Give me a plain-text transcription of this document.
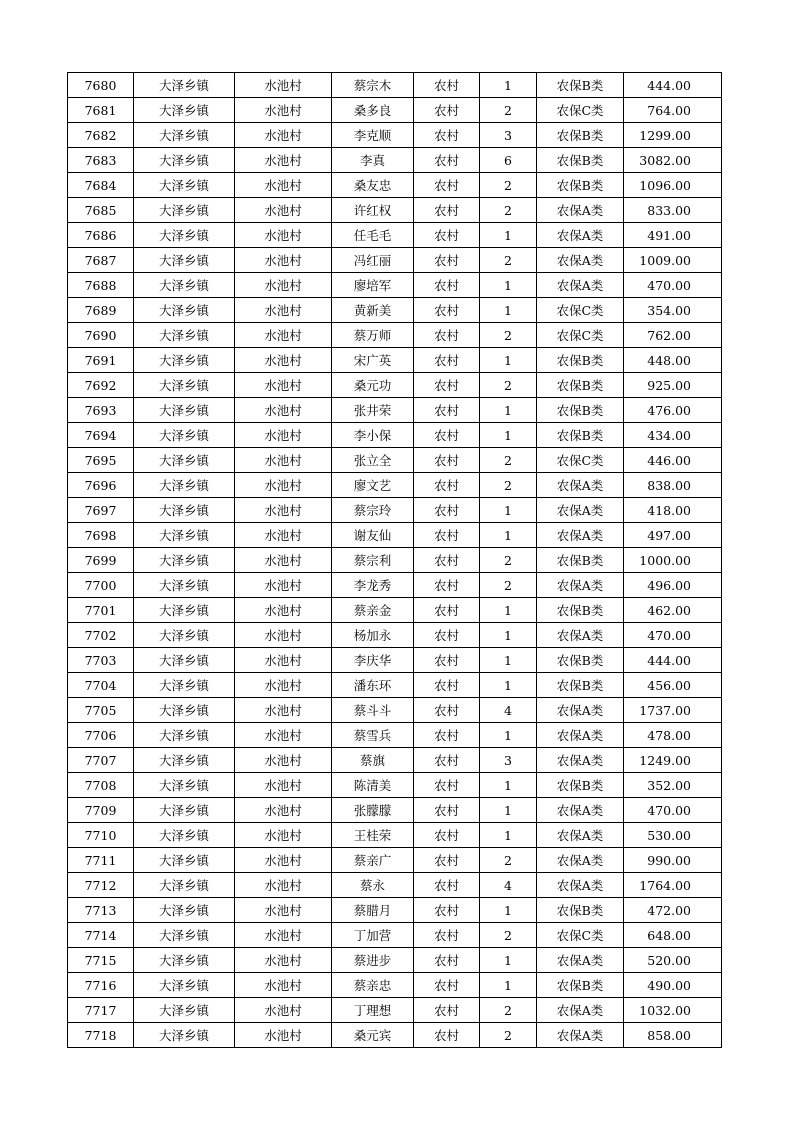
7680	大泽乡镇	水池村	蔡宗木	农村	1	农保B类	444.00
7681	大泽乡镇	水池村	桑多良	农村	2	农保C类	764.00
7682	大泽乡镇	水池村	李克顺	农村	3	农保B类	1299.00
7683	大泽乡镇	水池村	李真	农村	6	农保B类	3082.00
7684	大泽乡镇	水池村	桑友忠	农村	2	农保B类	1096.00
7685	大泽乡镇	水池村	许红权	农村	2	农保A类	833.00
7686	大泽乡镇	水池村	任毛毛	农村	1	农保A类	491.00
7687	大泽乡镇	水池村	冯红丽	农村	2	农保A类	1009.00
7688	大泽乡镇	水池村	廖培军	农村	1	农保A类	470.00
7689	大泽乡镇	水池村	黄新美	农村	1	农保C类	354.00
7690	大泽乡镇	水池村	蔡万师	农村	2	农保C类	762.00
7691	大泽乡镇	水池村	宋广英	农村	1	农保B类	448.00
7692	大泽乡镇	水池村	桑元功	农村	2	农保B类	925.00
7693	大泽乡镇	水池村	张井荣	农村	1	农保B类	476.00
7694	大泽乡镇	水池村	李小保	农村	1	农保B类	434.00
7695	大泽乡镇	水池村	张立全	农村	2	农保C类	446.00
7696	大泽乡镇	水池村	廖文艺	农村	2	农保A类	838.00
7697	大泽乡镇	水池村	蔡宗玲	农村	1	农保A类	418.00
7698	大泽乡镇	水池村	谢友仙	农村	1	农保A类	497.00
7699	大泽乡镇	水池村	蔡宗利	农村	2	农保B类	1000.00
7700	大泽乡镇	水池村	李龙秀	农村	2	农保A类	496.00
7701	大泽乡镇	水池村	蔡亲金	农村	1	农保B类	462.00
7702	大泽乡镇	水池村	杨加永	农村	1	农保A类	470.00
7703	大泽乡镇	水池村	李庆华	农村	1	农保B类	444.00
7704	大泽乡镇	水池村	潘东环	农村	1	农保B类	456.00
7705	大泽乡镇	水池村	蔡斗斗	农村	4	农保A类	1737.00
7706	大泽乡镇	水池村	蔡雪兵	农村	1	农保A类	478.00
7707	大泽乡镇	水池村	蔡旗	农村	3	农保A类	1249.00
7708	大泽乡镇	水池村	陈清美	农村	1	农保B类	352.00
7709	大泽乡镇	水池村	张朦朦	农村	1	农保A类	470.00
7710	大泽乡镇	水池村	王桂荣	农村	1	农保A类	530.00
7711	大泽乡镇	水池村	蔡亲广	农村	2	农保A类	990.00
7712	大泽乡镇	水池村	蔡永	农村	4	农保A类	1764.00
7713	大泽乡镇	水池村	蔡腊月	农村	1	农保B类	472.00
7714	大泽乡镇	水池村	丁加营	农村	2	农保C类	648.00
7715	大泽乡镇	水池村	蔡进步	农村	1	农保A类	520.00
7716	大泽乡镇	水池村	蔡亲忠	农村	1	农保B类	490.00
7717	大泽乡镇	水池村	丁理想	农村	2	农保A类	1032.00
7718	大泽乡镇	水池村	桑元宾	农村	2	农保A类	858.00
